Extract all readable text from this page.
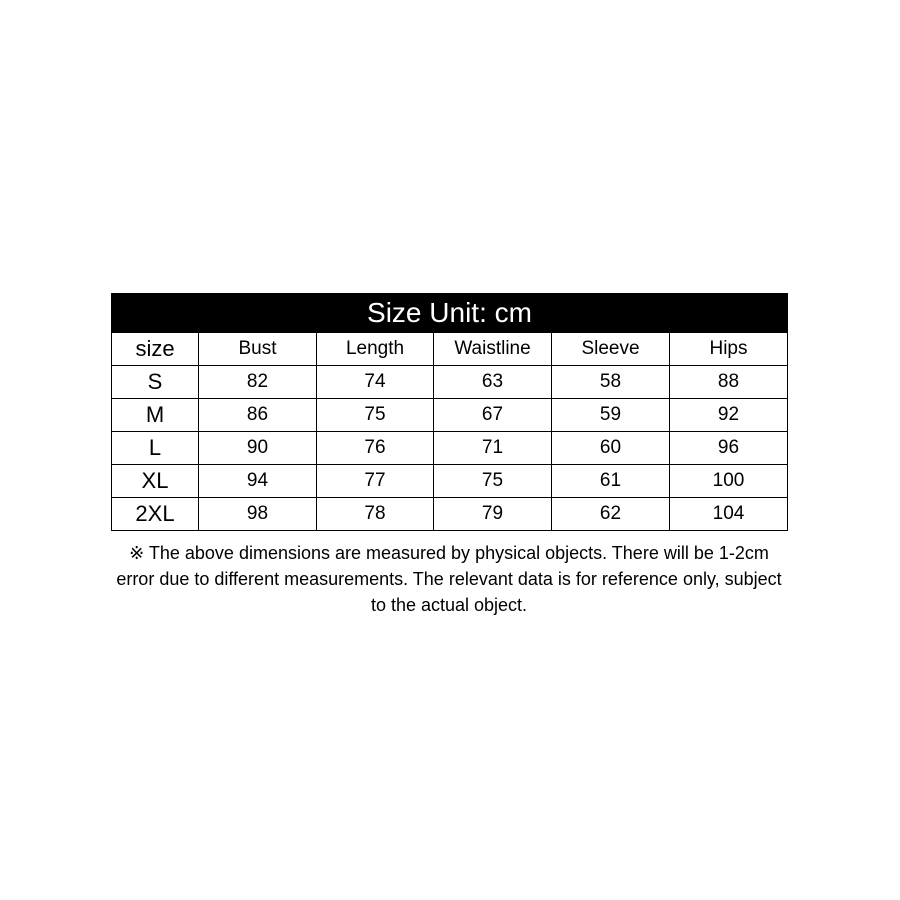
Size Unit: cm					
size	Bust	Length	Waistline	Sleeve	Hips
S	82	74	63	58	88
M	86	75	67	59	92
L	90	76	71	60	96
XL	94	77	75	61	100
2XL	98	78	79	62	104

※ The above dimensions are measured by physical objects. There will be 1-2cm error due to different measurements. The relevant data is for reference only, subject to the actual object.
